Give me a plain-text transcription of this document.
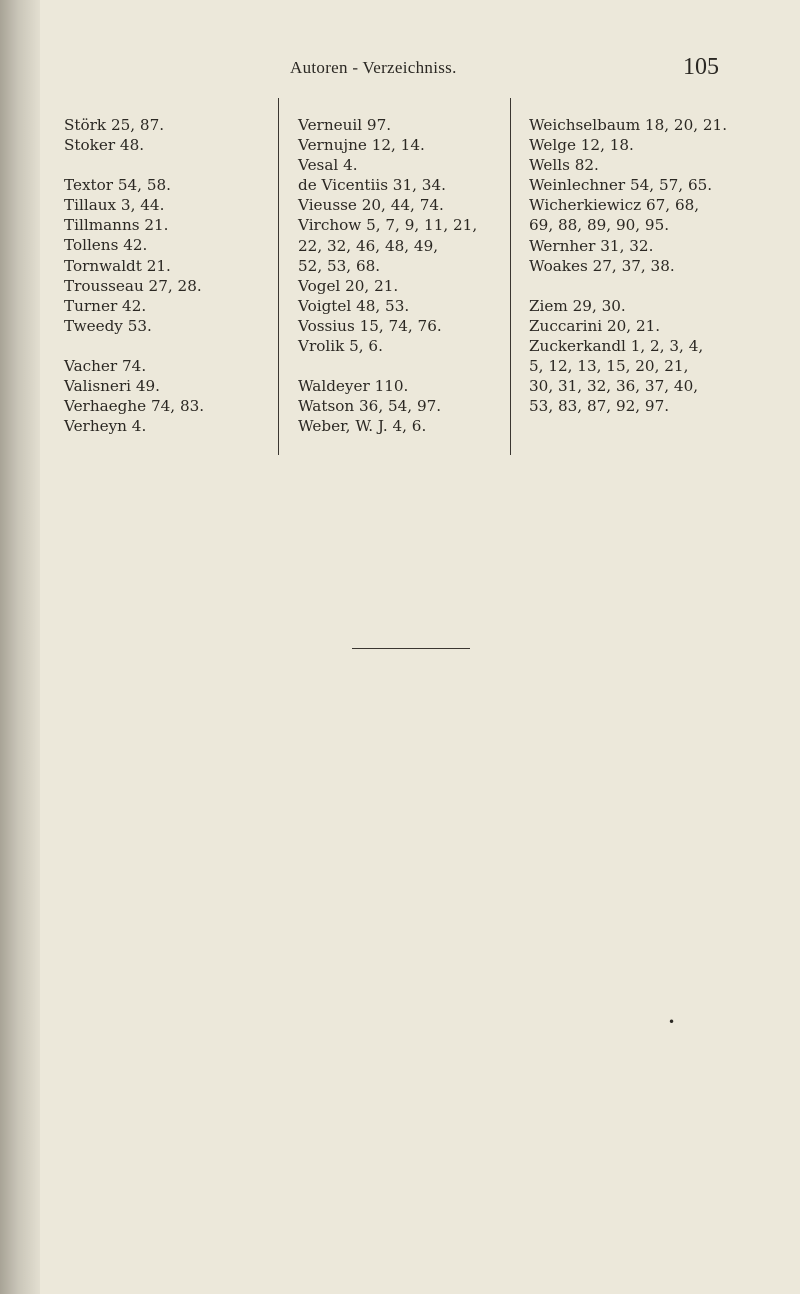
Autoren - Verzeichniss.	105
Störk 25, 87.
Stoker 48.
Textor 54, 58.
Tillaux 3, 44.
Tillmanns 21.
Tollens 42.
Tornwaldt 21.
Trousseau 27, 28.
Turner 42.
Tweedy 53.
Vacher 74.
Valisneri 49.
Verhaeghe 74, 83.
Verheyn 4.
Verneuil 97.
Vernujne 12, 14.
Vesal 4.
de Vicentiis 31, 34.
Vieusse 20, 44, 74.
Virchow 5, 7, 9, 11, 21,
22, 32, 46, 48, 49,
52, 53, 68.
Vogel 20, 21.
Voigtel 48, 53.
Vossius 15, 74, 76.
Vrolik 5, 6.
Waldeyer 110.
Watson 36, 54, 97.
Weber, W. J. 4, 6.
Weichselbaum 18, 20, 21.
Welge 12, 18.
Wells 82.
Weinlechner 54, 57, 65.
Wicherkiewicz 67, 68,
69, 88, 89, 90, 95.
Wernher 31, 32.
Woakes 27, 37, 38.
Ziem 29, 30.
Zuccarini 20, 21.
Zuckerkandl 1, 2, 3, 4,
5, 12, 13, 15, 20, 21,
30, 31, 32, 36, 37, 40,
53, 83, 87, 92, 97.
•
